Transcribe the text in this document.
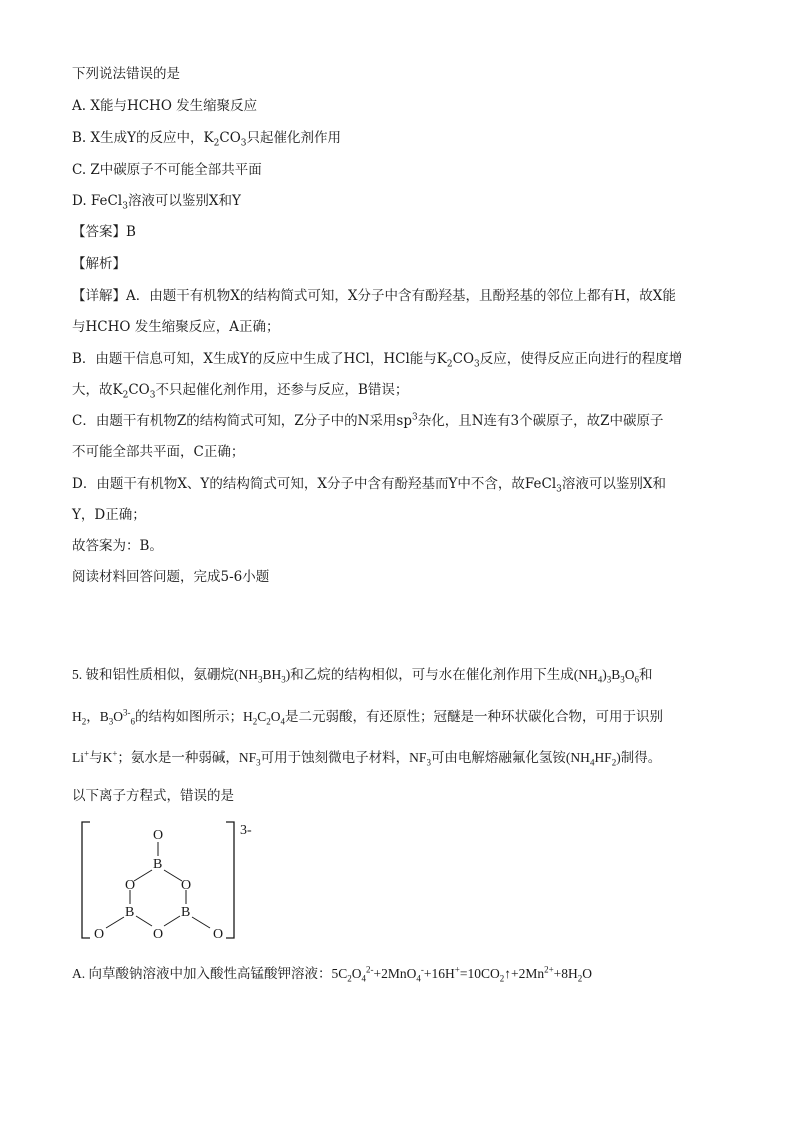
下列说法错误的是
A. X能与HCHO 发生缩聚反应
B. X生成Y的反应中，$K_2CO_3$只起催化剂作用
C. Z中碳原子不可能全部共平面
D. FeCl$_3$溶液可以鉴别X和Y
【答案】B
【解析】
【详解】A．由题干有机物X的结构简式可知，X分子中含有酚羟基，且酚羟基的邻位上都有H，故X能
与HCHO 发生缩聚反应，A正确；
B．由题干信息可知，X生成Y的反应中生成了HCl，HCl能与$K_2CO_3$反应，使得反应正向进行的程度增
大，故$K_2CO_3$不只起催化剂作用，还参与反应，B错误；
C．由题干有机物Z的结构简式可知，Z分子中的N采用$sp^3$杂化，且N连有3个碳原子，故Z中碳原子
不可能全部共平面，C正确；
D．由题干有机物X、Y的结构简式可知，X分子中含有酚羟基而Y中不含，故FeCl$_3$溶液可以鉴别X和
Y，D正确；
故答案为：B。
阅读材料回答问题，完成5-6小题
5. 铍和铝性质相似，氨硼烷$(NH_3BH_3)$和乙烷的结构相似，可与水在催化剂作用下生成$(NH_4)_3B_3O_6$和
$H_2$，$B_3O^{3-}_6$的结构如图所示；$H_2C_2O_4$是二元弱酸，有还原性；冠醚是一种环状碳化合物，可用于识别
Li+与K+；氨水是一种弱碱，$NF_3$可用于蚀刻微电子材料，$NF_3$可由电解熔融氟化氢铵$(NH_4HF_2)$制得。
以下离子方程式，错误的是
3-
O
B
O	O
B	B
O	O	O
A. 向草酸钠溶液中加入酸性高锰酸钾溶液：$5C_2O_4^{2-}+2MnO_4^-+16H^+=10CO_2↑+2Mn^{2+}+8H_2O$
